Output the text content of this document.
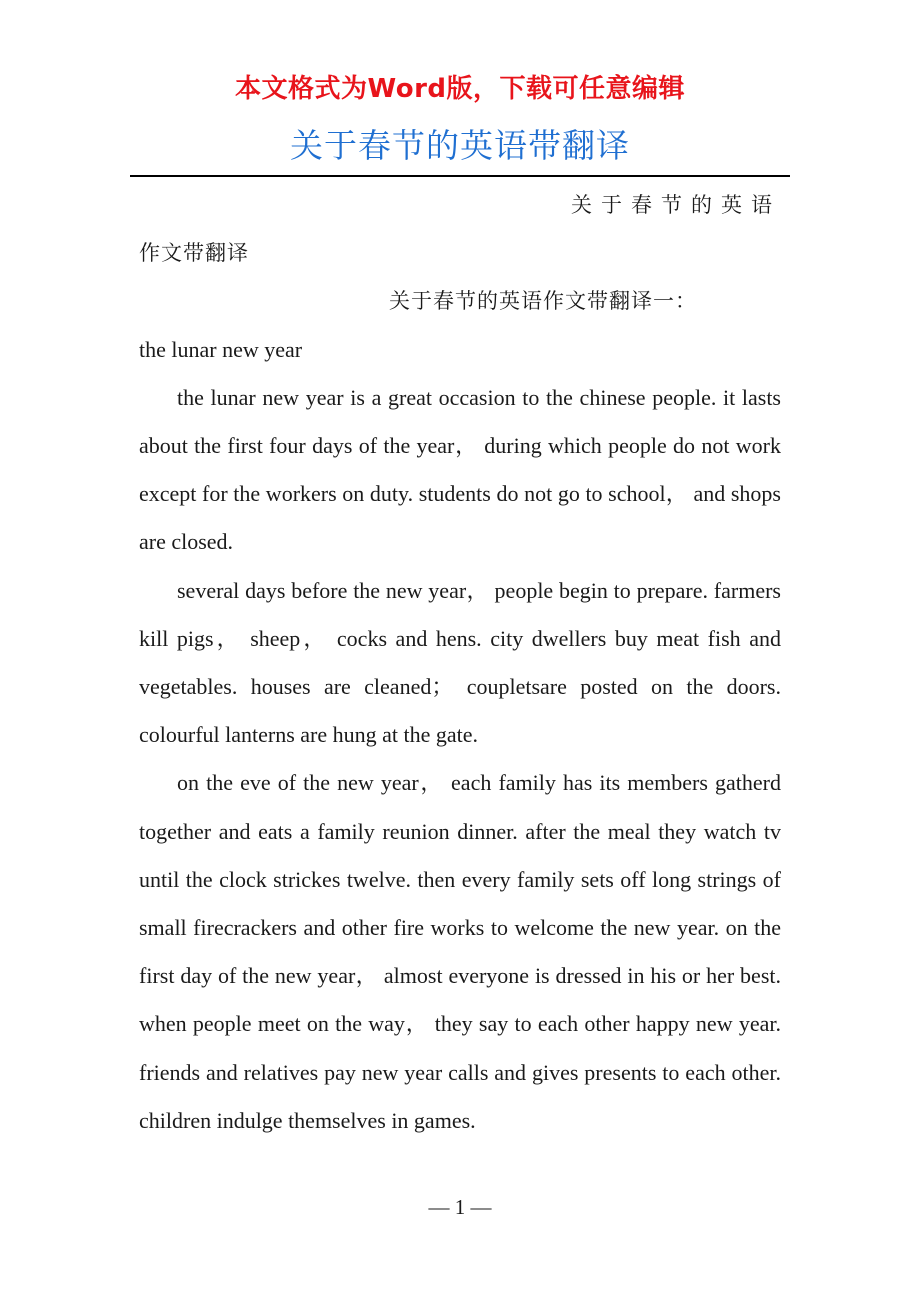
本文格式为Word版，下载可任意编辑
关于春节的英语带翻译
关于春节的英语
作文带翻译
关于春节的英语作文带翻译一：
the lunar new year

the lunar new year is a great occasion to the chinese people. it lasts about the first four days of the year， during which people do not work except for the workers on duty. students do not go to school， and shops are closed.

several days before the new year， people begin to prepare. farmers kill pigs， sheep， cocks and hens. city dwellers buy meat fish and vegetables. houses are cleaned； coupletsare posted on the doors. colourful lanterns are hung at the gate.

on the eve of the new year， each family has its members gatherd together and eats a family reunion dinner. after the meal they watch tv until the clock strickes twelve. then every family sets off long strings of small firecrackers and other fire works to welcome the new year. on the first day of the new year， almost everyone is dressed in his or her best. when people meet on the way， they say to each other happy new year. friends and relatives pay new year calls and gives presents to each other. children indulge themselves in games.

— 1 —
